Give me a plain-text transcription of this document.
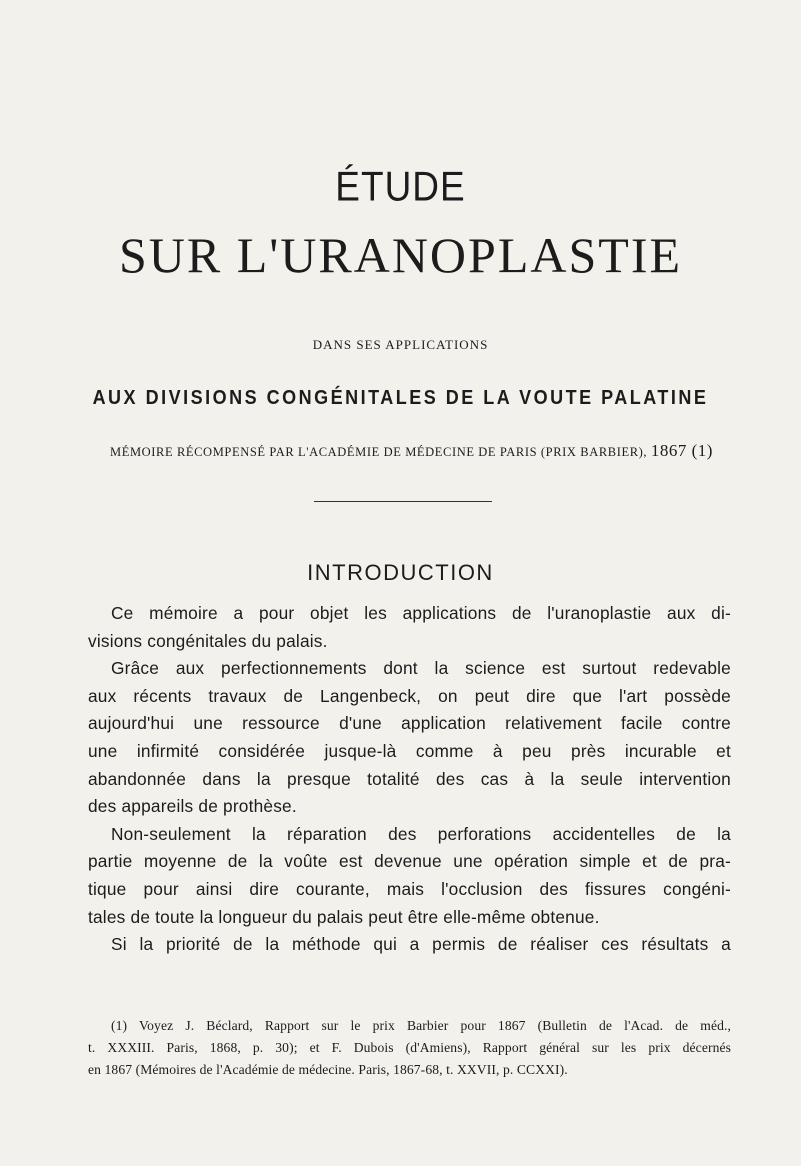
ÉTUDE
SUR L'URANOPLASTIE
DANS SES APPLICATIONS
AUX DIVISIONS CONGÉNITALES DE LA VOUTE PALATINE
MÉMOIRE RÉCOMPENSÉ PAR L'ACADÉMIE DE MÉDECINE DE PARIS (PRIX BARBIER), 1867 (1)
INTRODUCTION
Ce mémoire a pour objet les applications de l'uranoplastie aux di-
visions congénitales du palais.
Grâce aux perfectionnements dont la science est surtout redevable
aux récents travaux de Langenbeck, on peut dire que l'art possède
aujourd'hui une ressource d'une application relativement facile contre
une infirmité considérée jusque-là comme à peu près incurable et
abandonnée dans la presque totalité des cas à la seule intervention
des appareils de prothèse.
Non-seulement la réparation des perforations accidentelles de la
partie moyenne de la voûte est devenue une opération simple et de pra-
tique pour ainsi dire courante, mais l'occlusion des fissures congéni-
tales de toute la longueur du palais peut être elle-même obtenue.
Si la priorité de la méthode qui a permis de réaliser ces résultats a
(1) Voyez J. Béclard, Rapport sur le prix Barbier pour 1867 (Bulletin de l'Acad. de méd.,
t. XXXIII. Paris, 1868, p. 30); et F. Dubois (d'Amiens), Rapport général sur les prix décernés
en 1867 (Mémoires de l'Académie de médecine. Paris, 1867-68, t. XXVII, p. CCXXI).
